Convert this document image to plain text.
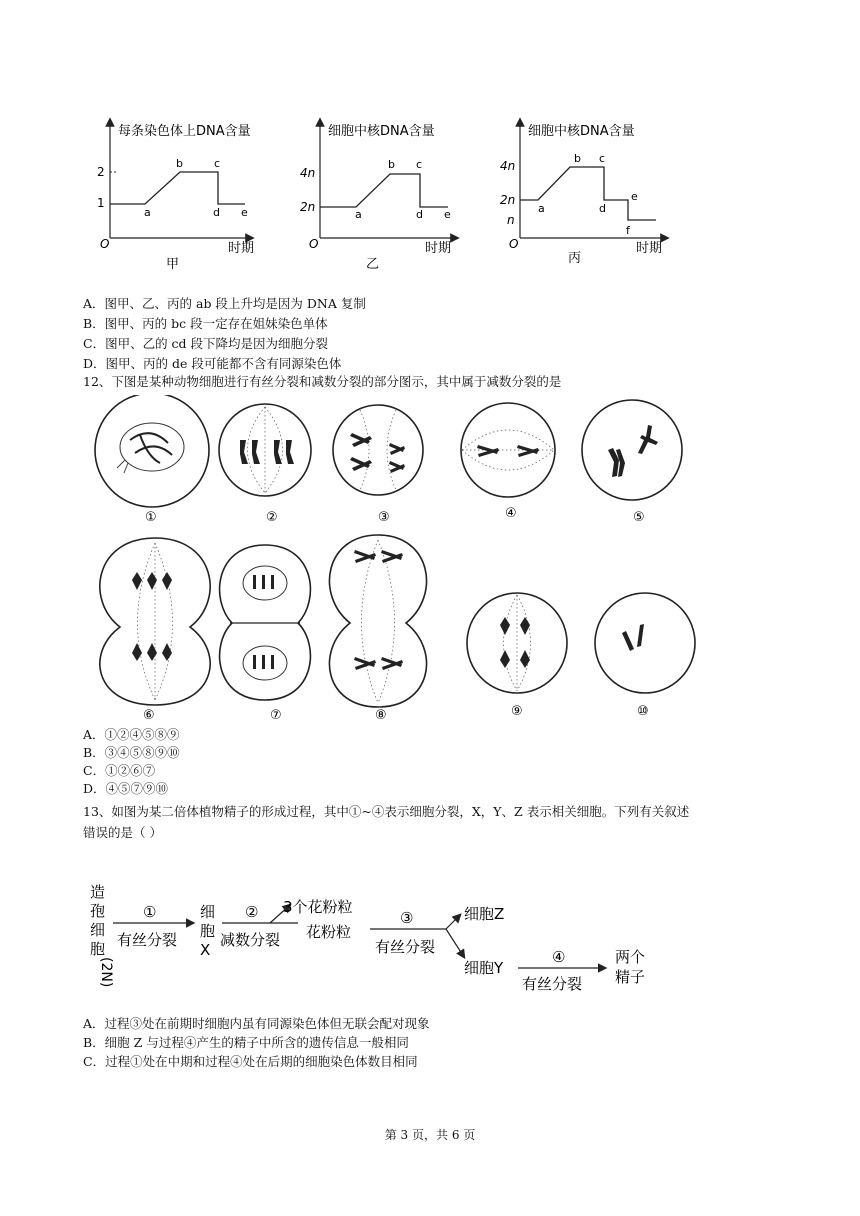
每条染色体上DNA含量
2
1
O
a
b	c
d e
时期
甲
细胞中核DNA含量
4n
2n
O
a
b c
d e
时期
乙
细胞中核DNA含量
4n
2n
n
O
a
b c
d
e
f
时期
丙
A．图甲、乙、丙的 ab 段上升均是因为 DNA 复制
B．图甲、丙的 bc 段一定存在姐妹染色单体
C．图甲、乙的 cd 段下降均是因为细胞分裂
D．图甲、丙的 de 段可能都不含有同源染色体
12、下图是某种动物细胞进行有丝分裂和减数分裂的部分图示，其中属于减数分裂的是
①	②	③	④	⑤
⑥	⑦	⑧	⑨	⑩
A．①②④⑤⑧⑨
B．③④⑤⑧⑨⑩
C．①②⑥⑦
D．④⑤⑦⑨⑩
13、如图为某二倍体植物精子的形成过程，其中①~④表示细胞分裂，X，Y、Z 表示相关细胞。下列有关叙述
错误的是（ ）
造
孢
细
胞
(2N)
①
有丝分裂
细
胞
X
②
减数分裂
3个花粉粒
花粉粒
③
有丝分裂
细胞Z
细胞Y
④
有丝分裂
两个
精子
A．过程③处在前期时细胞内虽有同源染色体但无联会配对现象
B．细胞 Z 与过程④产生的精子中所含的遗传信息一般相同
C．过程①处在中期和过程④处在后期的细胞染色体数目相同
第 3 页，共 6 页
